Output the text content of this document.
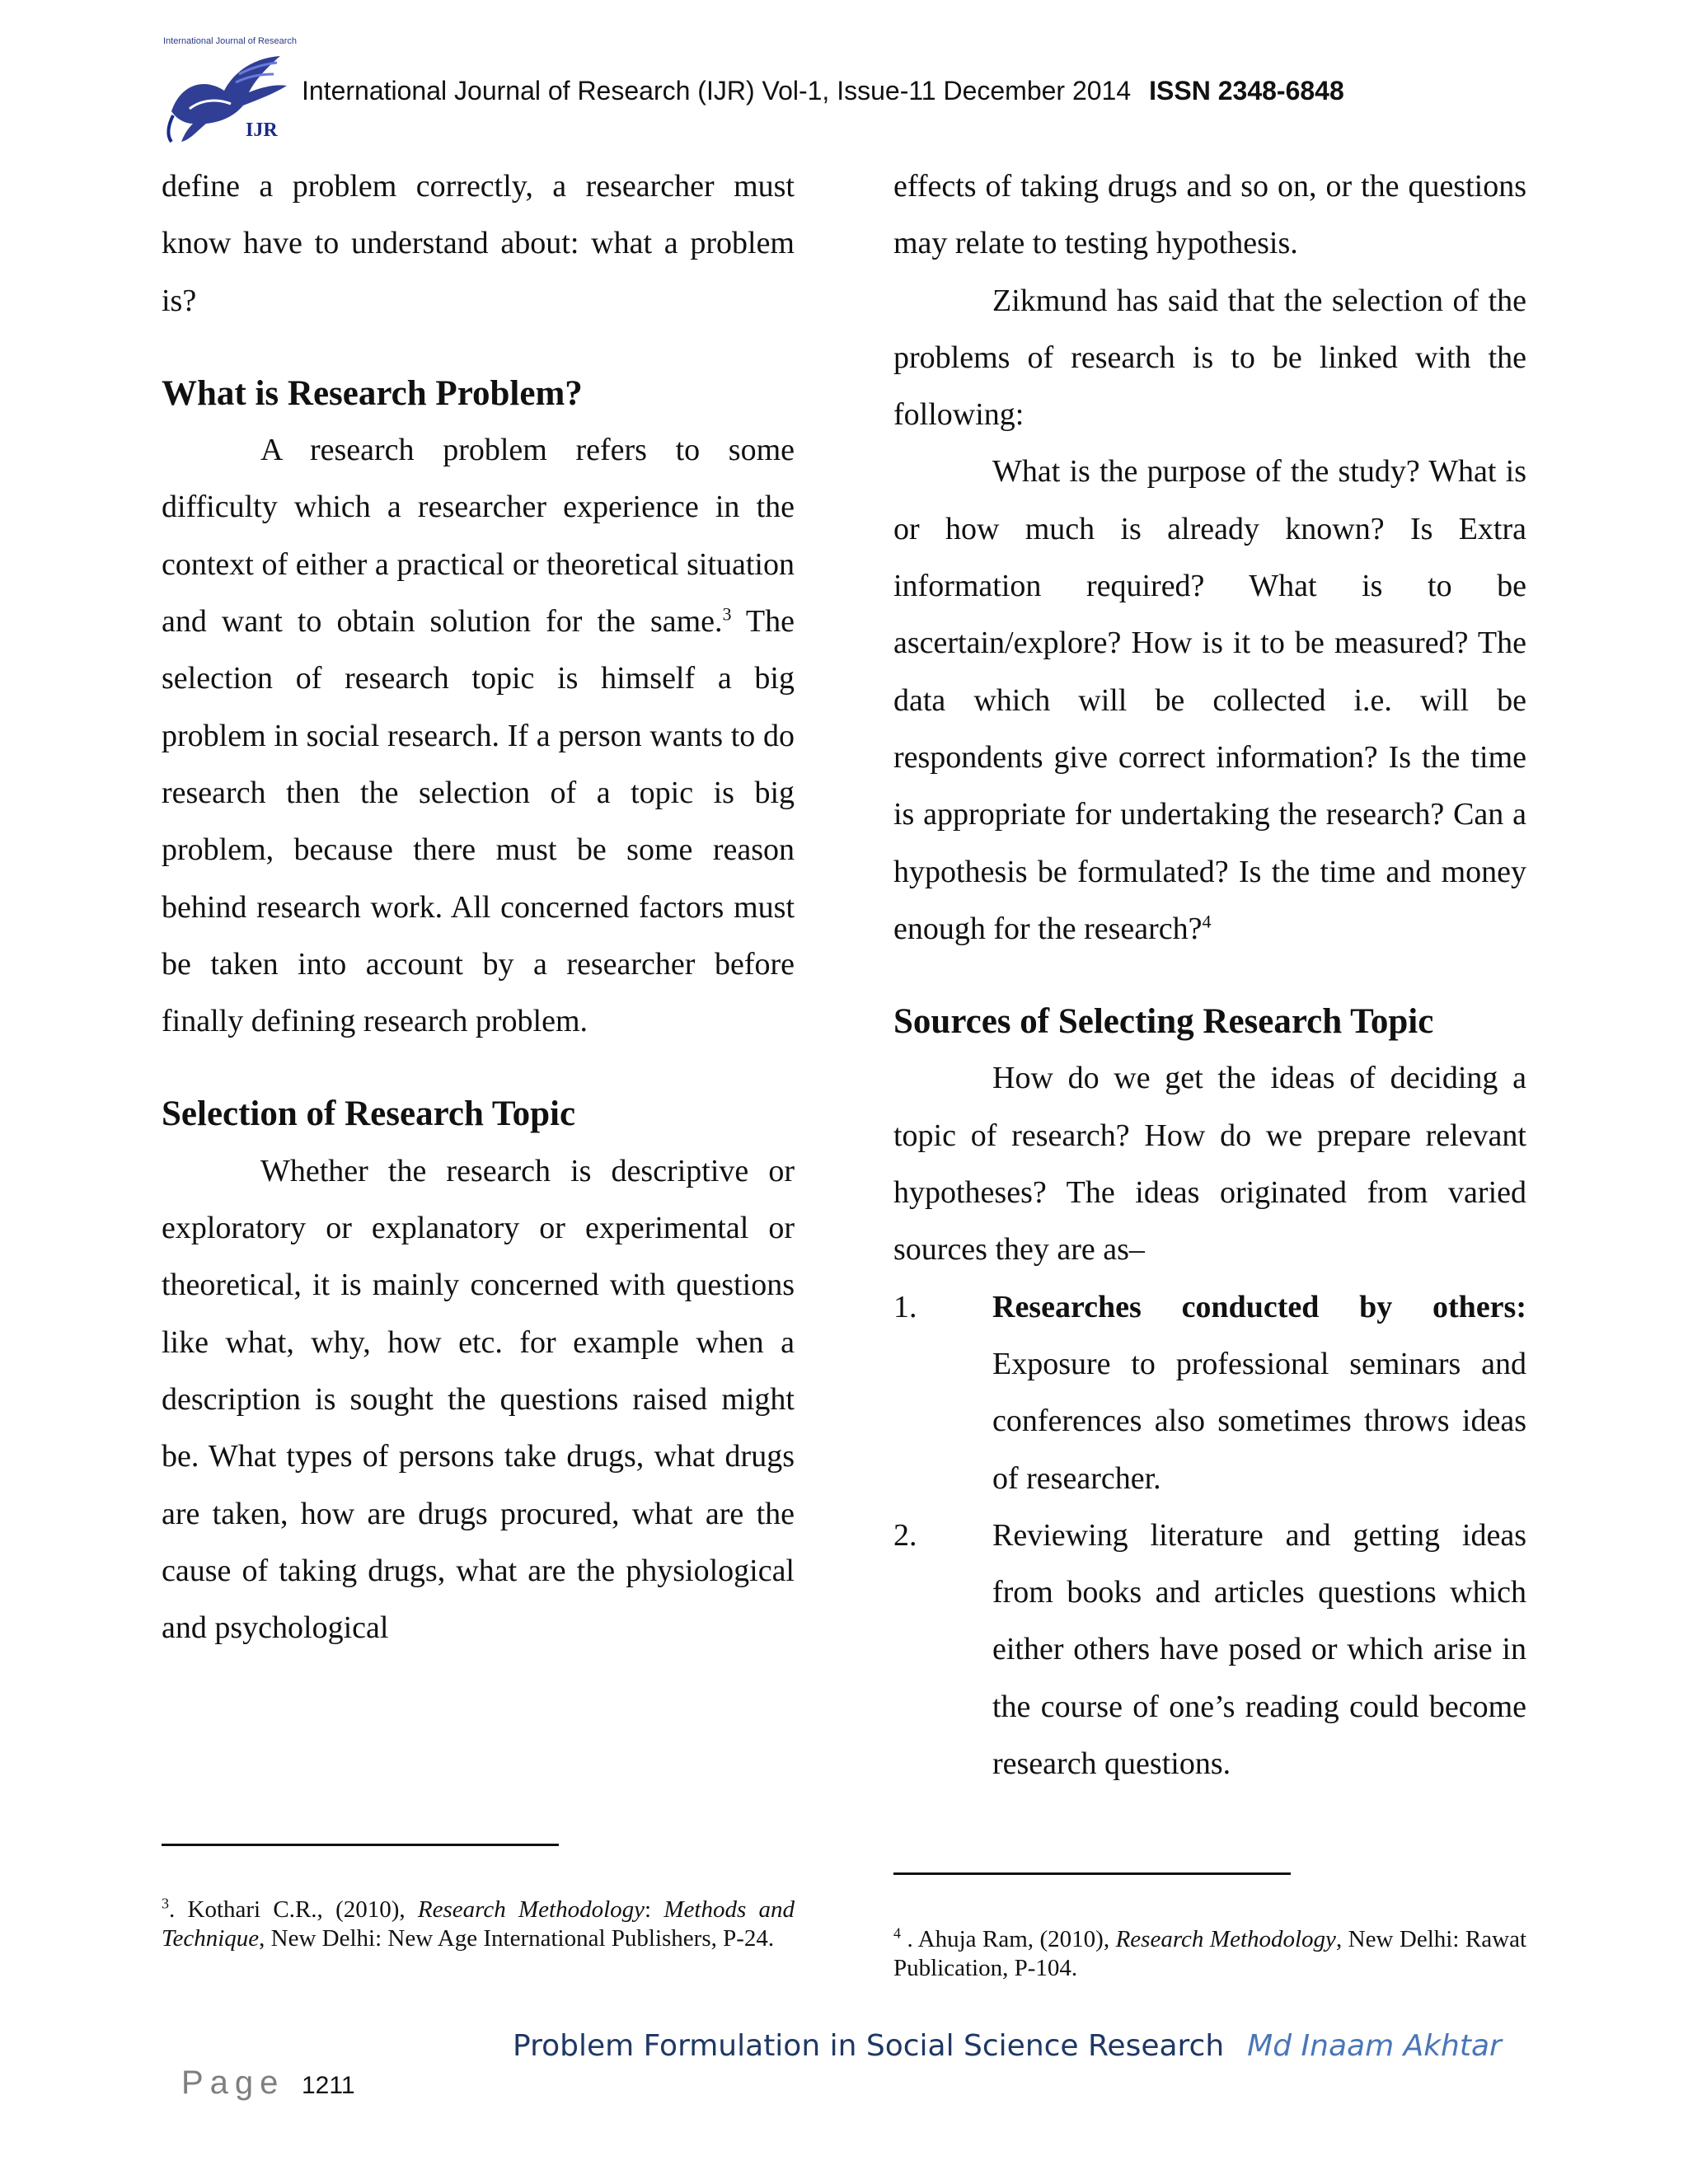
International Journal of Research
IJR
International Journal of Research (IJR) Vol-1, Issue-11 December 2014 ISSN 2348-6848

define a problem correctly, a researcher must know have to understand about: what a problem is?

What is Research Problem?

A research problem refers to some difficulty which a researcher experience in the context of either a practical or theoretical situation and want to obtain solution for the same.$^3$ The selection of research topic is himself a big problem in social research. If a person wants to do research then the selection of a topic is big problem, because there must be some reason behind research work. All concerned factors must be taken into account by a researcher before finally defining research problem.

Selection of Research Topic

Whether the research is descriptive or exploratory or explanatory or experimental or theoretical, it is mainly concerned with questions like what, why, how etc. for example when a description is sought the questions raised might be. What types of persons take drugs, what drugs are taken, how are drugs procured, what are the cause of taking drugs, what are the physiological and psychological

effects of taking drugs and so on, or the questions may relate to testing hypothesis.

Zikmund has said that the selection of the problems of research is to be linked with the following:

What is the purpose of the study? What is or how much is already known? Is Extra information required? What is to be ascertain/explore? How is it to be measured? The data which will be collected i.e. will be respondents give correct information? Is the time is appropriate for undertaking the research? Can a hypothesis be formulated? Is the time and money enough for the research?$^4$

Sources of Selecting Research Topic

How do we get the ideas of deciding a topic of research? How do we prepare relevant hypotheses? The ideas originated from varied sources they are as–

1.	Researches conducted by others: Exposure to professional seminars and conferences also sometimes throws ideas of researcher.
2.	Reviewing literature and getting ideas from books and articles questions which either others have posed or which arise in the course of one’s reading could become research questions.
$^3$. Kothari C.R., (2010), Research Methodology: Methods and Technique, New Delhi: New Age International Publishers, P-24.	$^4$ . Ahuja Ram, (2010), Research Methodology, New Delhi: Rawat Publication, P-104.
Problem Formulation in Social Science Research Md Inaam Akhtar
Page 1211
